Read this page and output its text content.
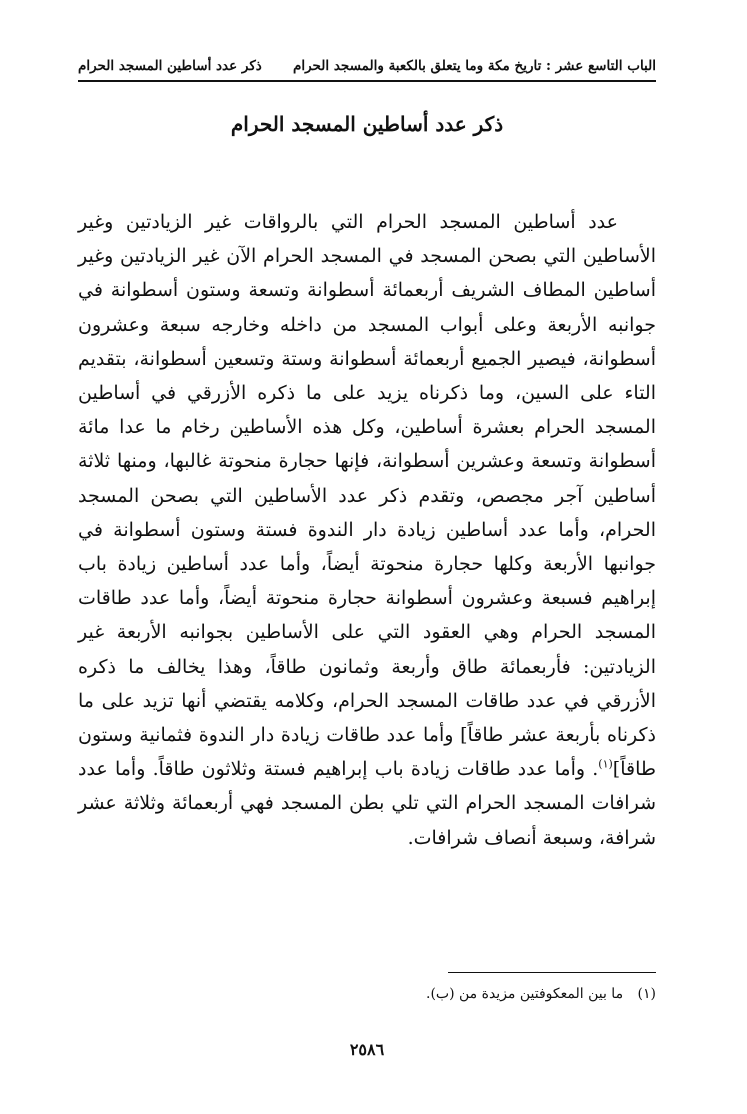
الباب التاسع عشر : تاريخ مكة وما يتعلق بالكعبة والمسجد الحرام
ذكر عدد أساطين المسجد الحرام
ذكر عدد أساطين المسجد الحرام

عدد أساطين المسجد الحرام التي بالرواقات غير الزيادتين وغير الأساطين التي بصحن المسجد في المسجد الحرام الآن غير الزيادتين وغير أساطين المطاف الشريف أربعمائة أسطوانة وتسعة وستون أسطوانة في جوانبه الأربعة وعلى أبواب المسجد من داخله وخارجه سبعة وعشرون أسطوانة، فيصير الجميع أربعمائة أسطوانة وستة وتسعين أسطوانة، بتقديم التاء على السين، وما ذكرناه يزيد على ما ذكره الأزرقي في أساطين المسجد الحرام بعشرة أساطين، وكل هذه الأساطين رخام ما عدا مائة أسطوانة وتسعة وعشرين أسطوانة، فإنها حجارة منحوتة غالبها، ومنها ثلاثة أساطين آجر مجصص، وتقدم ذكر عدد الأساطين التي بصحن المسجد الحرام، وأما عدد أساطين زيادة دار الندوة فستة وستون أسطوانة في جوانبها الأربعة وكلها حجارة منحوتة أيضاً، وأما عدد أساطين زيادة باب إبراهيم فسبعة وعشرون أسطوانة حجارة منحوتة أيضاً، وأما عدد طاقات المسجد الحرام وهي العقود التي على الأساطين بجوانبه الأربعة غير الزيادتين: فأربعمائة طاق وأربعة وثمانون طاقاً، وهذا يخالف ما ذكره الأزرقي في عدد طاقات المسجد الحرام، وكلامه يقتضي أنها تزيد على ما ذكرناه بأربعة عشر طاقاً] وأما عدد طاقات زيادة دار الندوة فثمانية وستون طاقاً]$^{(١)}$. وأما عدد طاقات زيادة باب إبراهيم فستة وثلاثون طاقاً. وأما عدد شرافات المسجد الحرام التي تلي بطن المسجد فهي أربعمائة وثلاثة عشر شرافة، وسبعة أنصاف شرافات.

(١) ما بين المعكوفتين مزيدة من (ب).

٢٥٨٦
